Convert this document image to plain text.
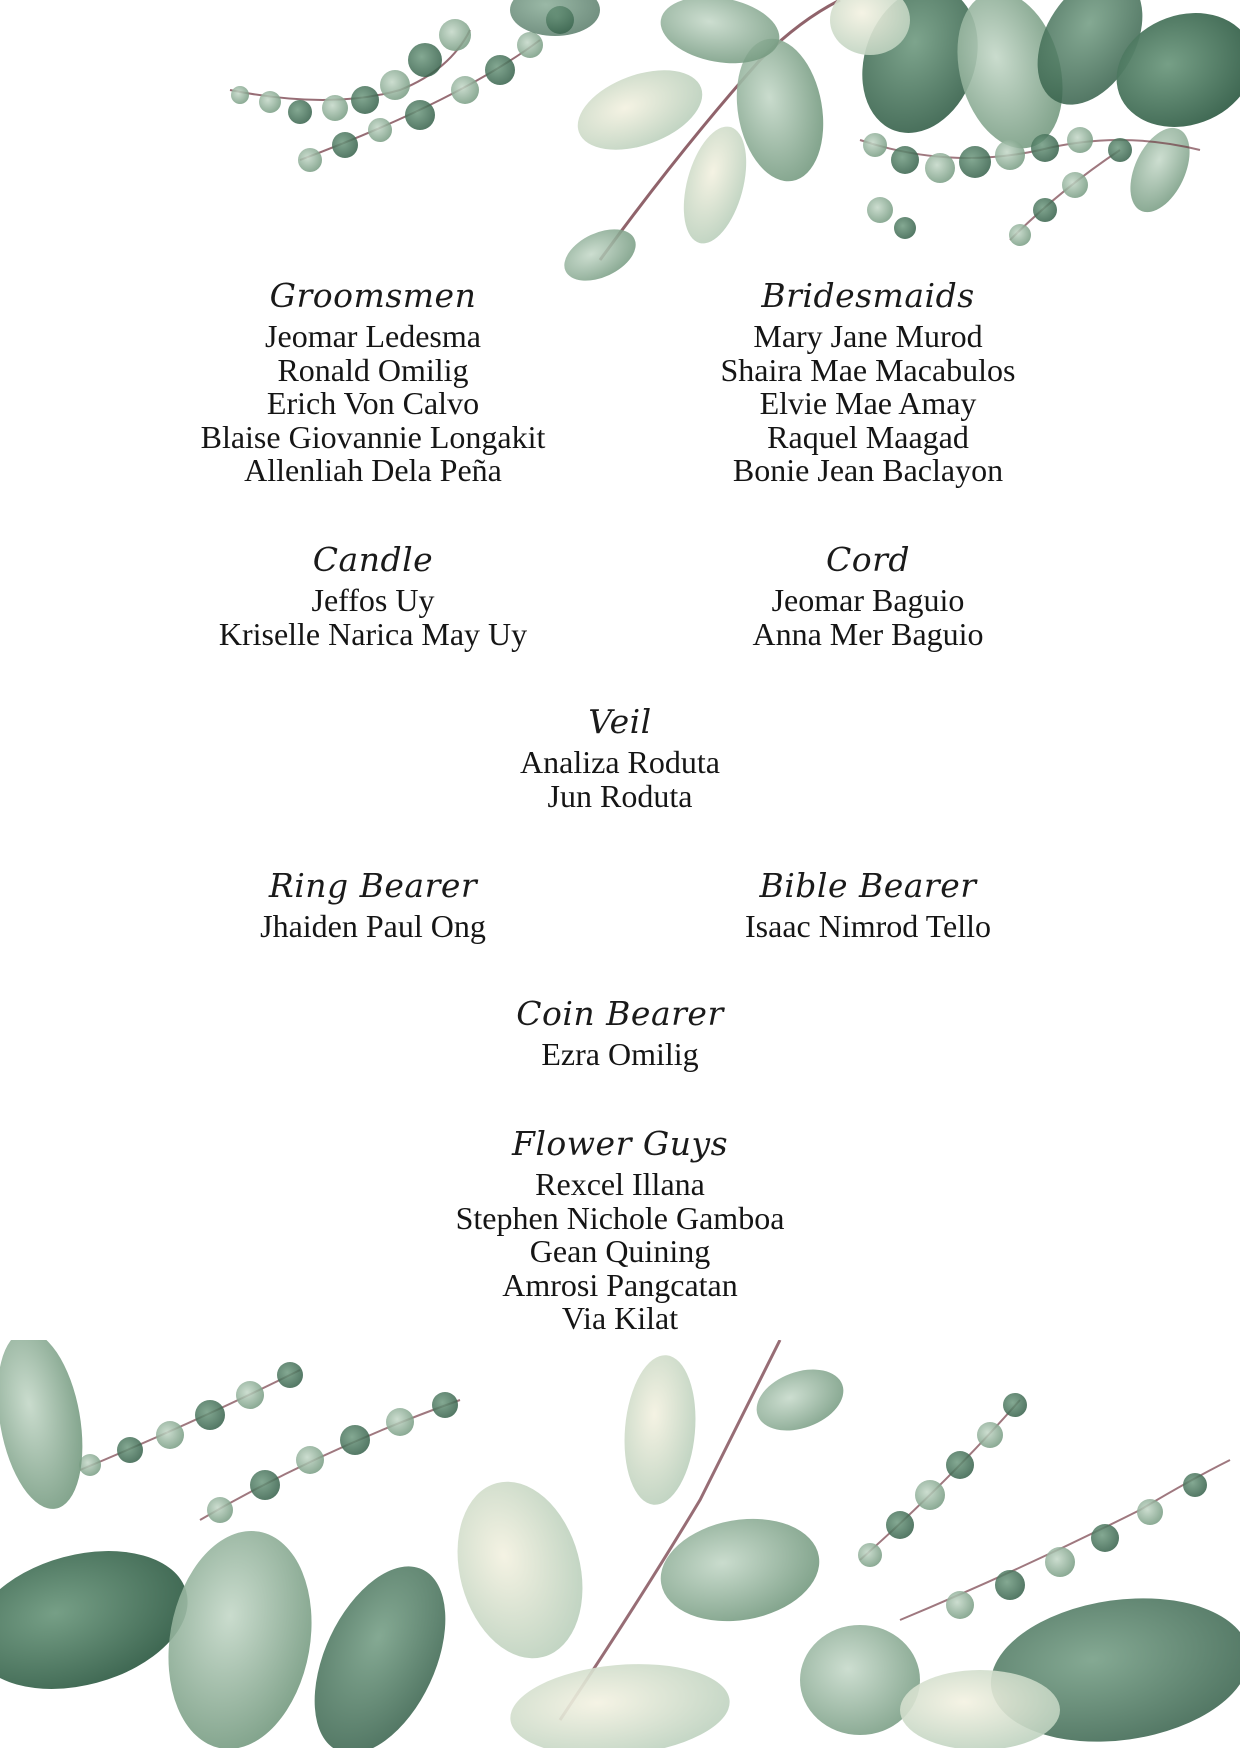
Groomsmen
Jeomar Ledesma
Ronald Omilig
Erich Von Calvo
Blaise Giovannie Longakit
Allenliah Dela Peña
Bridesmaids
Mary Jane Murod
Shaira Mae Macabulos
Elvie Mae Amay
Raquel Maagad
Bonie Jean Baclayon
Candle
Jeffos Uy
Kriselle Narica May Uy
Cord
Jeomar Baguio
Anna Mer Baguio
Veil
Analiza Roduta
Jun Roduta
Ring Bearer
Jhaiden Paul Ong
Bible Bearer
Isaac Nimrod Tello
Coin Bearer
Ezra Omilig
Flower Guys
Rexcel Illana
Stephen Nichole Gamboa
Gean Quining
Amrosi Pangcatan
Via Kilat
